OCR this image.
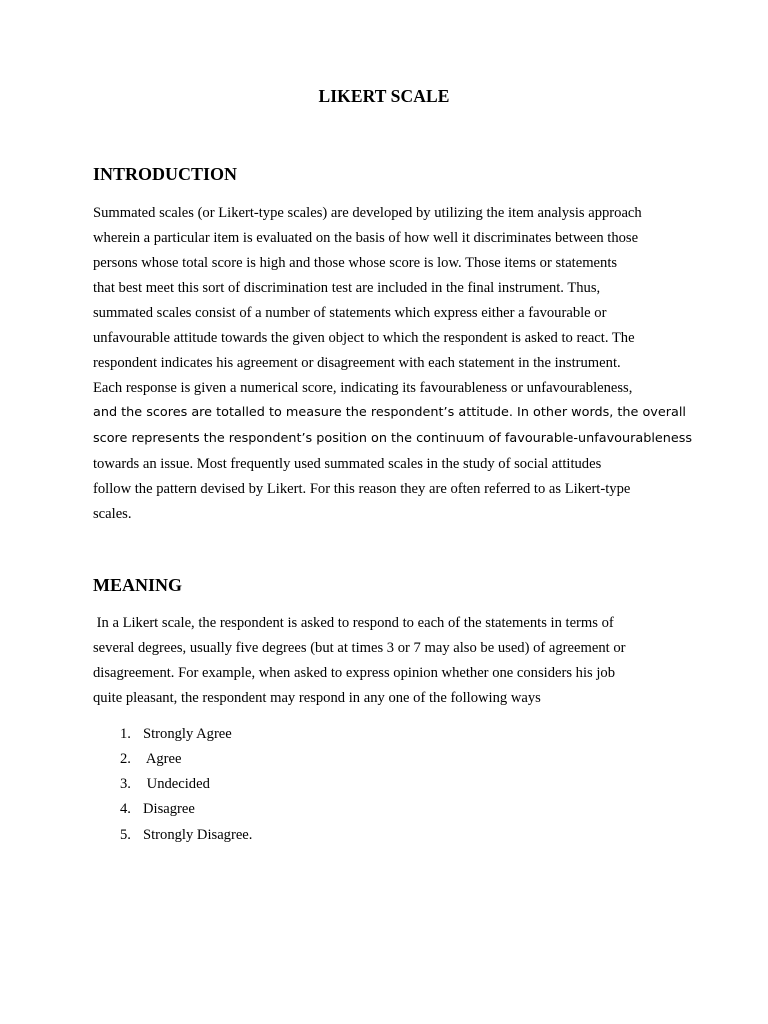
LIKERT SCALE
INTRODUCTION
Summated scales (or Likert-type scales) are developed by utilizing the item analysis approach
wherein a particular item is evaluated on the basis of how well it discriminates between those
persons whose total score is high and those whose score is low. Those items or statements
that best meet this sort of discrimination test are included in the final instrument. Thus,
summated scales consist of a number of statements which express either a favourable or
unfavourable attitude towards the given object to which the respondent is asked to react. The
respondent indicates his agreement or disagreement with each statement in the instrument.
Each response is given a numerical score, indicating its favourableness or unfavourableness,
and the scores are totalled to measure the respondent’s attitude. In other words, the overall
score represents the respondent’s position on the continuum of favourable-unfavourableness
towards an issue. Most frequently used summated scales in the study of social attitudes
follow the pattern devised by Likert. For this reason they are often referred to as Likert-type
scales.
MEANING
In a Likert scale, the respondent is asked to respond to each of the statements in terms of
several degrees, usually five degrees (but at times 3 or 7 may also be used) of agreement or
disagreement. For example, when asked to express opinion whether one considers his job
quite pleasant, the respondent may respond in any one of the following ways
1. Strongly Agree
2. Agree
3. Undecided
4. Disagree
5. Strongly Disagree.
